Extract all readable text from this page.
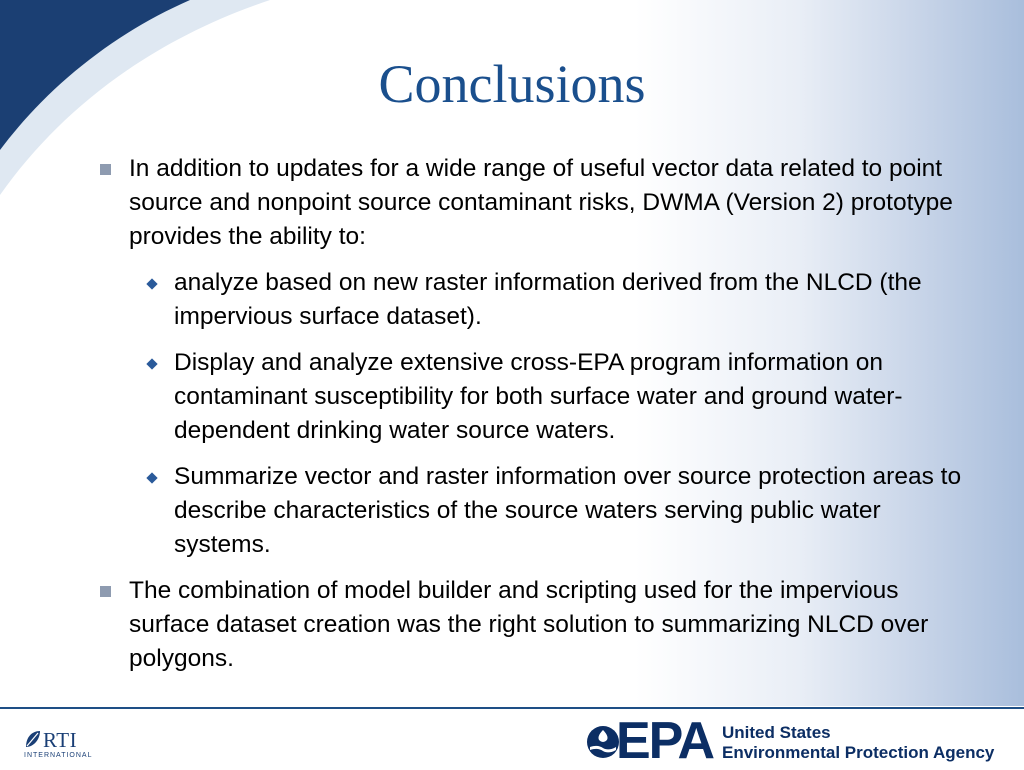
Conclusions
In addition to updates for a wide range of useful vector data related to point source and nonpoint source contaminant risks, DWMA (Version 2) prototype provides the ability to:
analyze based on new raster information derived from the NLCD (the impervious surface dataset).
Display and analyze extensive cross-EPA program information on contaminant susceptibility for both surface water and ground water-dependent drinking water source waters.
Summarize vector and raster information over source protection areas to describe characteristics of the source waters serving public water systems.
The combination of model builder and scripting used for the impervious surface dataset creation was the right solution to summarizing NLCD over polygons.
RTI
INTERNATIONAL	EPA United States
Environmental Protection Agency
